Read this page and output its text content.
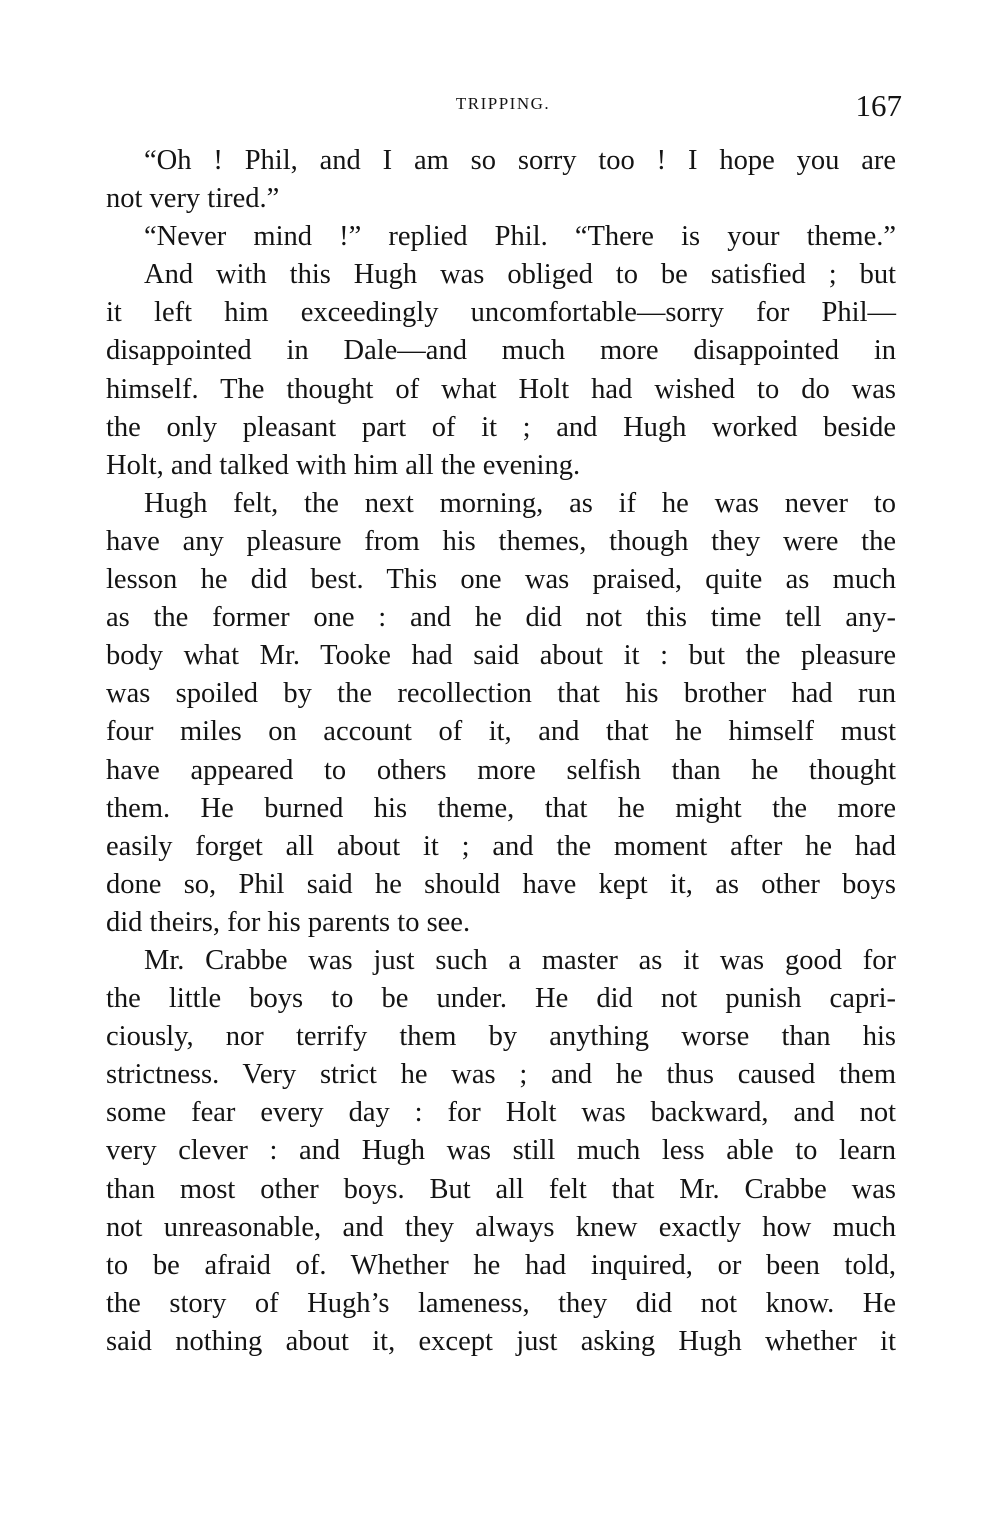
TRIPPING.	167
“Oh ! Phil, and I am so sorry too ! I hope you are
not very tired.”
“Never mind !” replied Phil. “There is your theme.”
And with this Hugh was obliged to be satisfied ; but
it left him exceedingly uncomfortable—sorry for Phil—
disappointed in Dale—and much more disappointed in
himself. The thought of what Holt had wished to do was
the only pleasant part of it ; and Hugh worked beside
Holt, and talked with him all the evening.
Hugh felt, the next morning, as if he was never to
have any pleasure from his themes, though they were the
lesson he did best. This one was praised, quite as much
as the former one : and he did not this time tell any-
body what Mr. Tooke had said about it : but the pleasure
was spoiled by the recollection that his brother had run
four miles on account of it, and that he himself must
have appeared to others more selfish than he thought
them. He burned his theme, that he might the more
easily forget all about it ; and the moment after he had
done so, Phil said he should have kept it, as other boys
did theirs, for his parents to see.
Mr. Crabbe was just such a master as it was good for
the little boys to be under. He did not punish capri-
ciously, nor terrify them by anything worse than his
strictness. Very strict he was ; and he thus caused them
some fear every day : for Holt was backward, and not
very clever : and Hugh was still much less able to learn
than most other boys. But all felt that Mr. Crabbe was
not unreasonable, and they always knew exactly how much
to be afraid of. Whether he had inquired, or been told,
the story of Hugh’s lameness, they did not know. He
said nothing about it, except just asking Hugh whether it
